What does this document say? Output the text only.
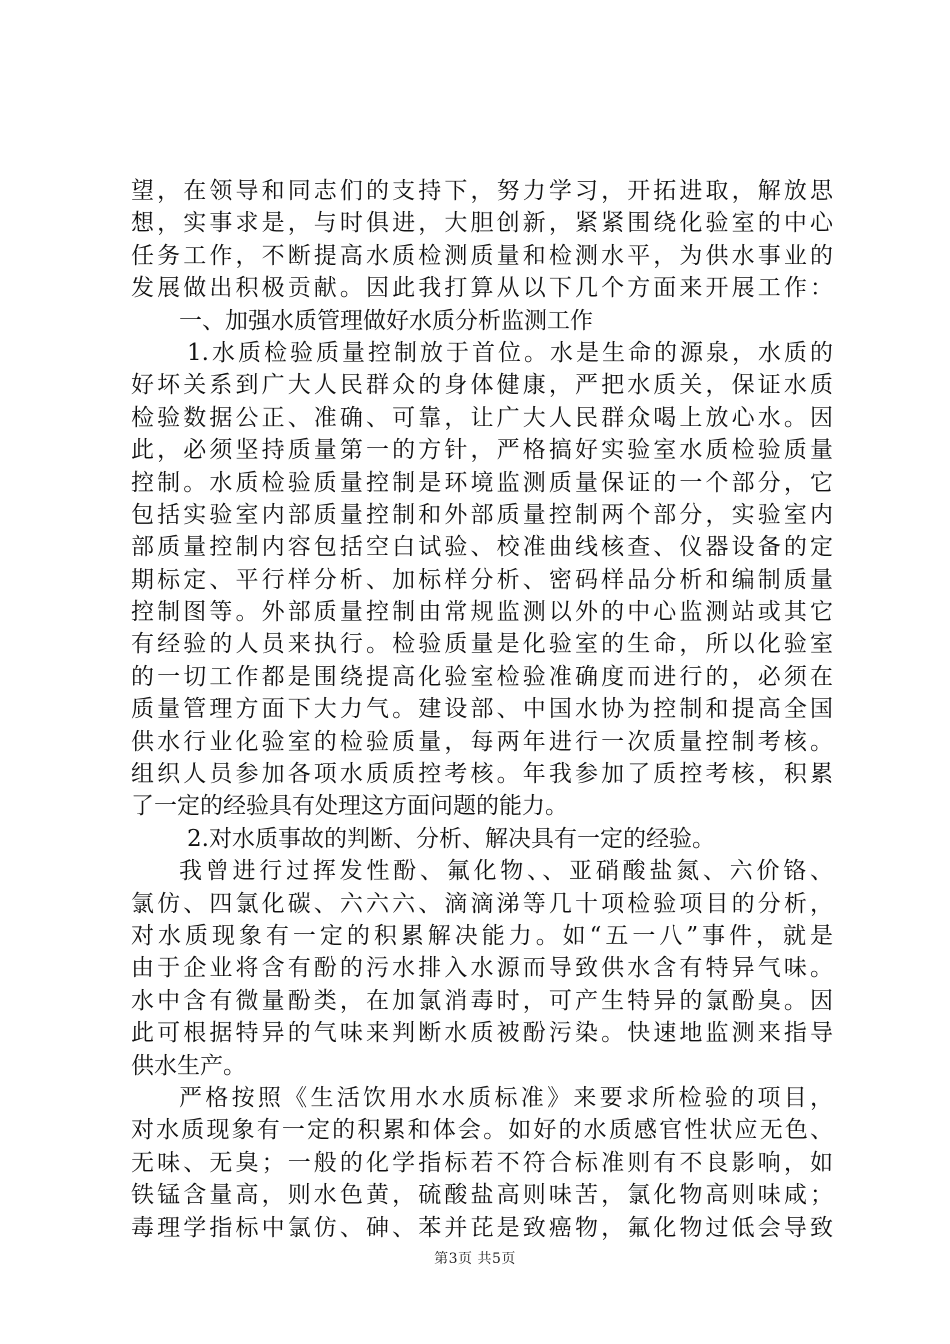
望，在领导和同志们的支持下，努力学习，开拓进取，解放思
想，实事求是，与时俱进，大胆创新，紧紧围绕化验室的中心
任务工作，不断提高水质检测质量和检测水平，为供水事业的
发展做出积极贡献。因此我打算从以下几个方面来开展工作：
一、加强水质管理做好水质分析监测工作
1.水质检验质量控制放于首位。水是生命的源泉，水质的
好坏关系到广大人民群众的身体健康，严把水质关，保证水质
检验数据公正、准确、可靠，让广大人民群众喝上放心水。因
此，必须坚持质量第一的方针，严格搞好实验室水质检验质量
控制。水质检验质量控制是环境监测质量保证的一个部分，它
包括实验室内部质量控制和外部质量控制两个部分，实验室内
部质量控制内容包括空白试验、校准曲线核查、仪器设备的定
期标定、平行样分析、加标样分析、密码样品分析和编制质量
控制图等。外部质量控制由常规监测以外的中心监测站或其它
有经验的人员来执行。检验质量是化验室的生命，所以化验室
的一切工作都是围绕提高化验室检验准确度而进行的，必须在
质量管理方面下大力气。建设部、中国水协为控制和提高全国
供水行业化验室的检验质量，每两年进行一次质量控制考核。
组织人员参加各项水质质控考核。年我参加了质控考核，积累
了一定的经验具有处理这方面问题的能力。
2.对水质事故的判断、分析、解决具有一定的经验。
我曾进行过挥发性酚、氟化物、、亚硝酸盐氮、六价铬、
氯仿、四氯化碳、六六六、滴滴涕等几十项检验项目的分析，
对水质现象有一定的积累解决能力。如“五一八”事件，就是
由于企业将含有酚的污水排入水源而导致供水含有特异气味。
水中含有微量酚类，在加氯消毒时，可产生特异的氯酚臭。因
此可根据特异的气味来判断水质被酚污染。快速地监测来指导
供水生产。
严格按照《生活饮用水水质标准》来要求所检验的项目，
对水质现象有一定的积累和体会。如好的水质感官性状应无色、
无味、无臭；一般的化学指标若不符合标准则有不良影响，如
铁锰含量高，则水色黄，硫酸盐高则味苦，氯化物高则味咸；
毒理学指标中氯仿、砷、苯并芘是致癌物，氟化物过低会导致
第3页 共5页
